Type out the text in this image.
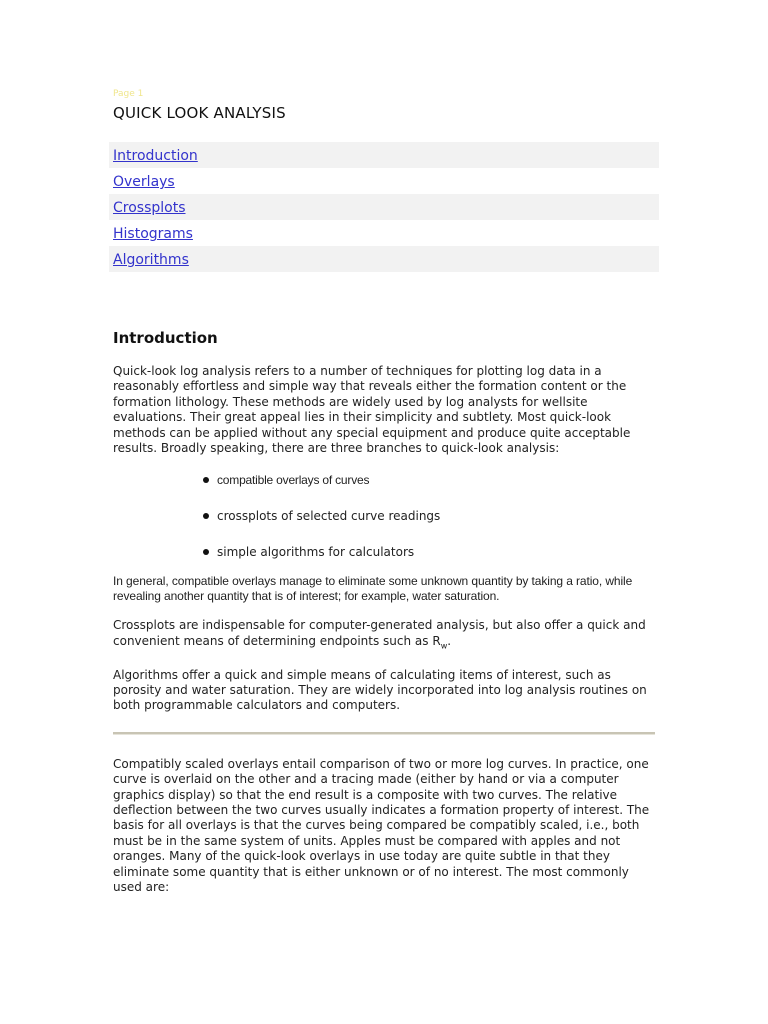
Page 1
QUICK LOOK ANALYSIS
Introduction
Overlays
Crossplots
Histograms
Algorithms
Introduction

Quick-look log analysis refers to a number of techniques for plotting log data in a reasonably effortless and simple way that reveals either the formation content or the formation lithology. These methods are widely used by log analysts for wellsite evaluations. Their great appeal lies in their simplicity and subtlety. Most quick-look methods can be applied without any special equipment and produce quite acceptable results. Broadly speaking, there are three branches to quick-look analysis:

compatible overlays of curves
crossplots of selected curve readings
simple algorithms for calculators

In general, compatible overlays manage to eliminate some unknown quantity by taking a ratio, while revealing another quantity that is of interest; for example, water saturation.

Crossplots are indispensable for computer-generated analysis, but also offer a quick and convenient means of determining endpoints such as $R_w$.

Algorithms offer a quick and simple means of calculating items of interest, such as porosity and water saturation. They are widely incorporated into log analysis routines on both programmable calculators and computers.

Compatibly scaled overlays entail comparison of two or more log curves. In practice, one curve is overlaid on the other and a tracing made (either by hand or via a computer graphics display) so that the end result is a composite with two curves. The relative deflection between the two curves usually indicates a formation property of interest. The basis for all overlays is that the curves being compared be compatibly scaled, i.e., both must be in the same system of units. Apples must be compared with apples and not oranges. Many of the quick-look overlays in use today are quite subtle in that they eliminate some quantity that is either unknown or of no interest. The most commonly used are:
